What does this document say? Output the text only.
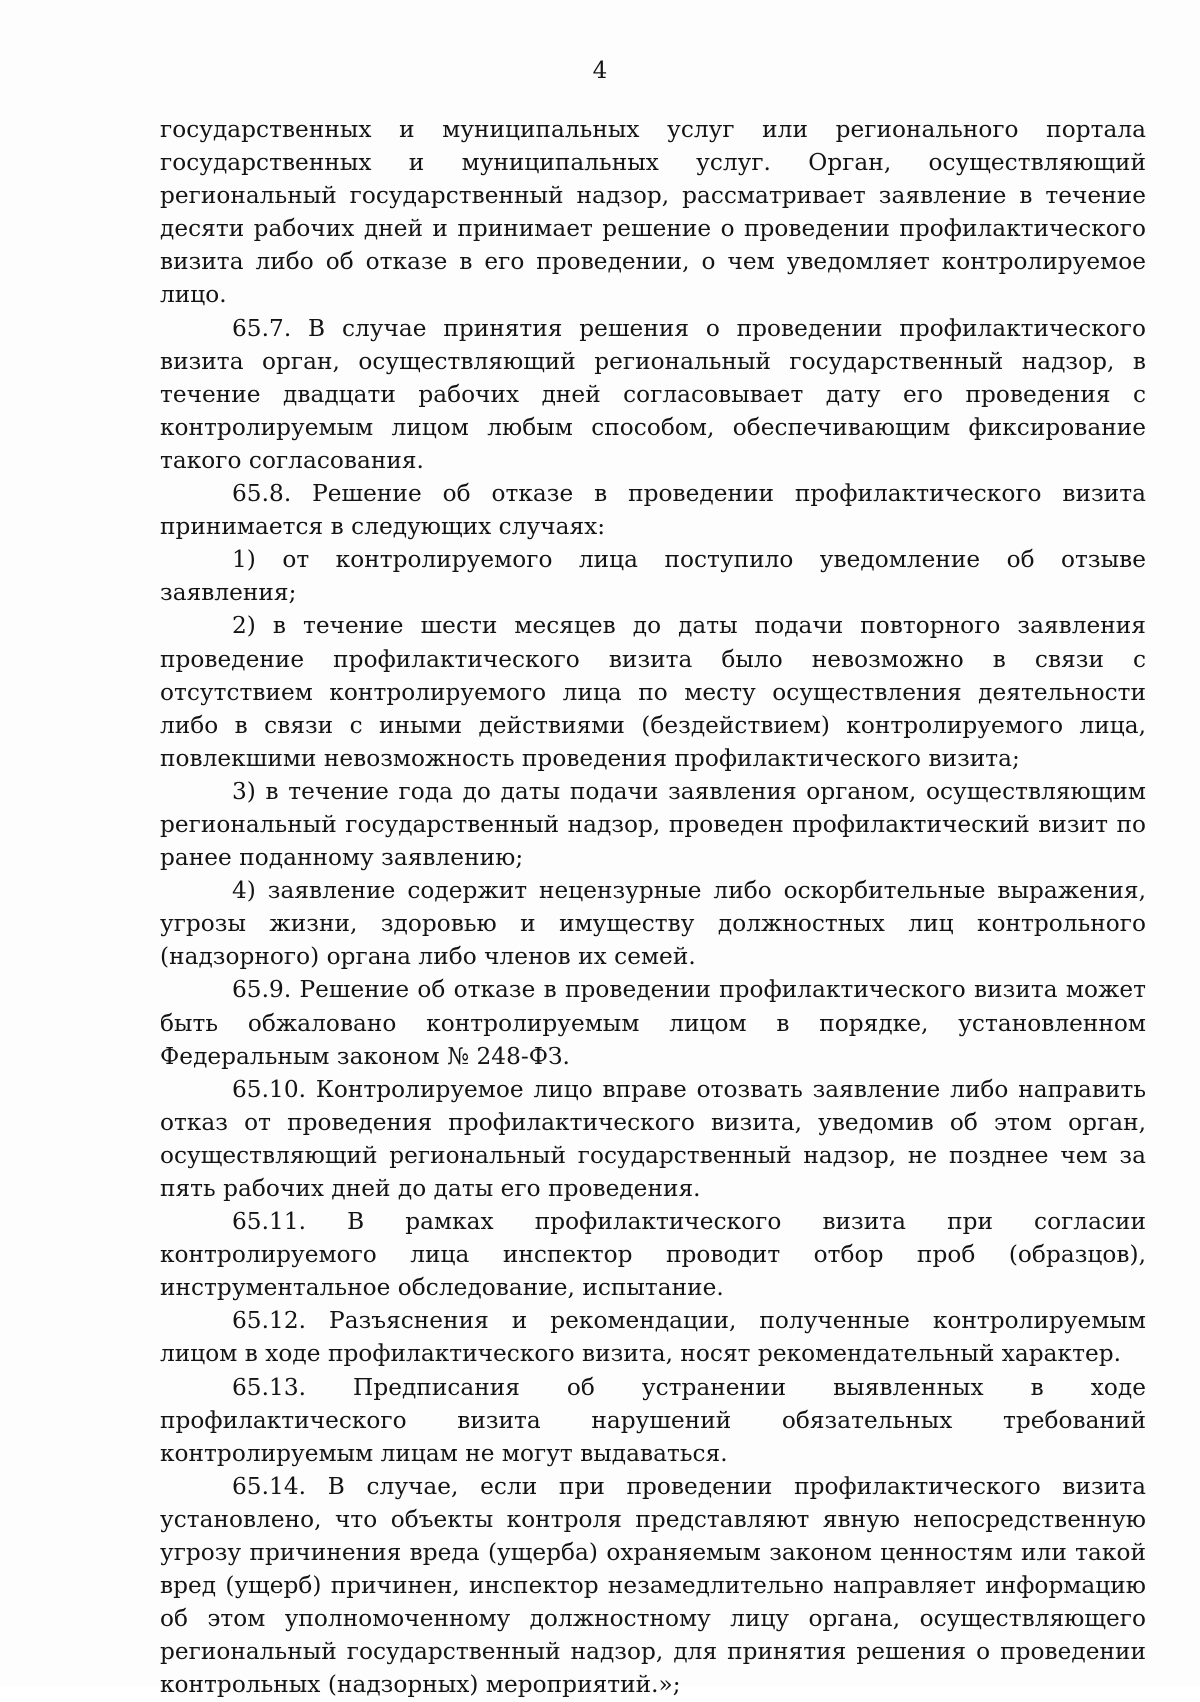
4

государственных и муниципальных услуг или регионального портала государственных и муниципальных услуг. Орган, осуществляющий региональный государственный надзор, рассматривает заявление в течение десяти рабочих дней и принимает решение о проведении профилактического визита либо об отказе в его проведении, о чем уведомляет контролируемое лицо.

65.7. В случае принятия решения о проведении профилактического визита орган, осуществляющий региональный государственный надзор, в течение двадцати рабочих дней согласовывает дату его проведения с контролируемым лицом любым способом, обеспечивающим фиксирование такого согласования.

65.8. Решение об отказе в проведении профилактического визита принимается в следующих случаях:

1) от контролируемого лица поступило уведомление об отзыве заявления;

2) в течение шести месяцев до даты подачи повторного заявления проведение профилактического визита было невозможно в связи с отсутствием контролируемого лица по месту осуществления деятельности либо в связи с иными действиями (бездействием) контролируемого лица, повлекшими невозможность проведения профилактического визита;

3) в течение года до даты подачи заявления органом, осуществляющим региональный государственный надзор, проведен профилактический визит по ранее поданному заявлению;

4) заявление содержит нецензурные либо оскорбительные выражения, угрозы жизни, здоровью и имуществу должностных лиц контрольного (надзорного) органа либо членов их семей.

65.9. Решение об отказе в проведении профилактического визита может быть обжаловано контролируемым лицом в порядке, установленном Федеральным законом № 248-ФЗ.

65.10. Контролируемое лицо вправе отозвать заявление либо направить отказ от проведения профилактического визита, уведомив об этом орган, осуществляющий региональный государственный надзор, не позднее чем за пять рабочих дней до даты его проведения.

65.11. В рамках профилактического визита при согласии контролируемого лица инспектор проводит отбор проб (образцов), инструментальное обследование, испытание.

65.12. Разъяснения и рекомендации, полученные контролируемым лицом в ходе профилактического визита, носят рекомендательный характер.

65.13. Предписания об устранении выявленных в ходе профилактического визита нарушений обязательных требований контролируемым лицам не могут выдаваться.

65.14. В случае, если при проведении профилактического визита установлено, что объекты контроля представляют явную непосредственную угрозу причинения вреда (ущерба) охраняемым законом ценностям или такой вред (ущерб) причинен, инспектор незамедлительно направляет информацию об этом уполномоченному должностному лицу органа, осуществляющего региональный государственный надзор, для принятия решения о проведении контрольных (надзорных) мероприятий.»;
